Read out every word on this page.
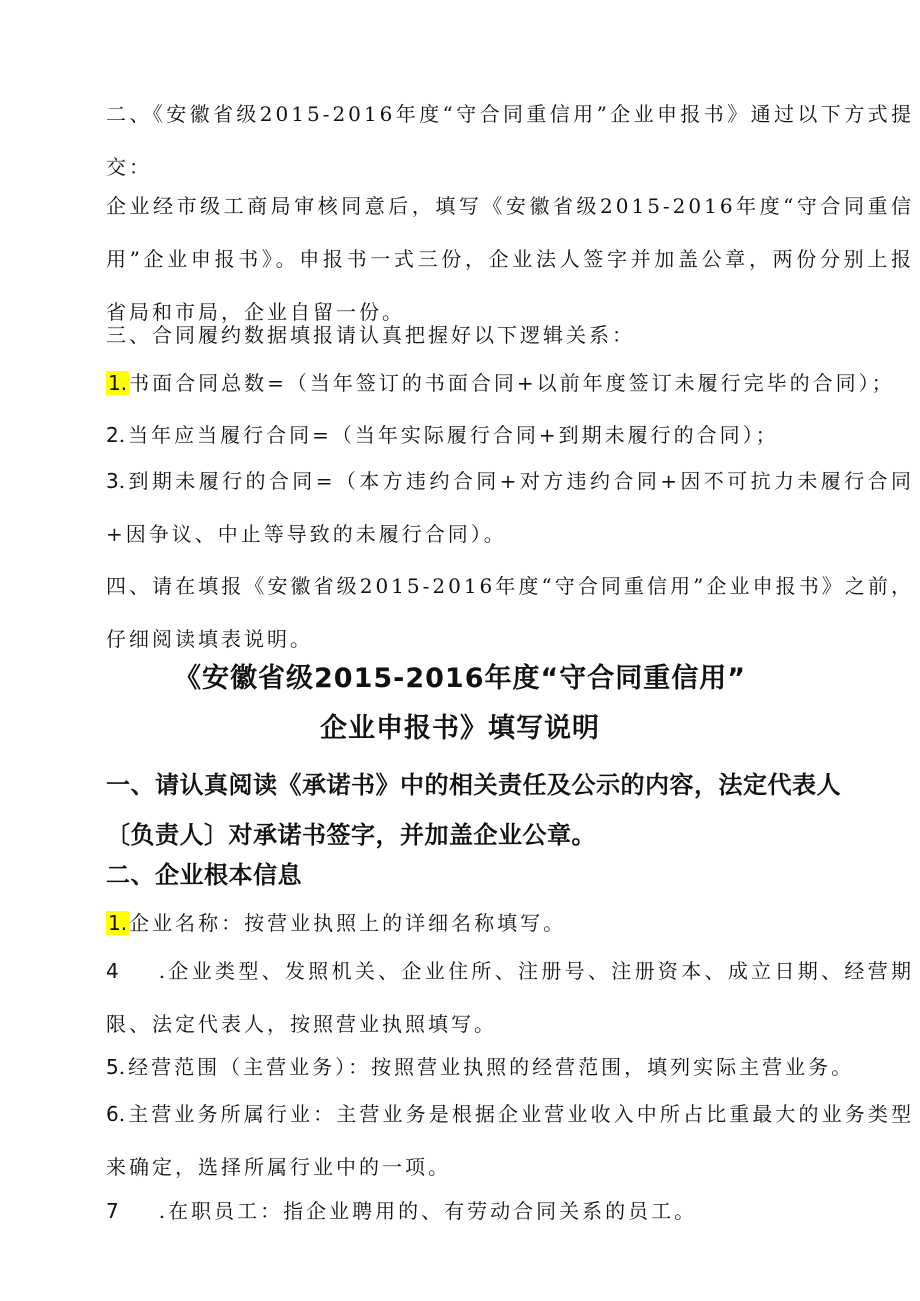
二、《安徽省级2015-2016年度“守合同重信用”企业申报书》通过以下方式提交：

企业经市级工商局审核同意后，填写《安徽省级2015-2016年度“守合同重信用”企业申报书》。申报书一式三份，企业法人签字并加盖公章，两份分别上报省局和市局，企业自留一份。

三、合同履约数据填报请认真把握好以下逻辑关系：

1. 书面合同总数=（当年签订的书面合同+以前年度签订未履行完毕的合同）；

2.当年应当履行合同=（当年实际履行合同+到期未履行的合同）；

3.到期未履行的合同=（本方违约合同+对方违约合同+因不可抗力未履行合同+因争议、中止等导致的未履行合同）。

四、请在填报《安徽省级2015-2016年度“守合同重信用”企业申报书》之前，仔细阅读填表说明。

《安徽省级2015-2016年度“守合同重信用”
企业申报书》填写说明

一、请认真阅读《承诺书》中的相关责任及公示的内容，法定代表人〔负责人〕对承诺书签字，并加盖企业公章。

二、企业根本信息

1. 企业名称：按营业执照上的详细名称填写。

4 .企业类型、发照机关、企业住所、注册号、注册资本、成立日期、经营期限、法定代表人，按照营业执照填写。

5.经营范围（主营业务）：按照营业执照的经营范围，填列实际主营业务。

6.主营业务所属行业：主营业务是根据企业营业收入中所占比重最大的业务类型来确定，选择所属行业中的一项。

7 .在职员工：指企业聘用的、有劳动合同关系的员工。
